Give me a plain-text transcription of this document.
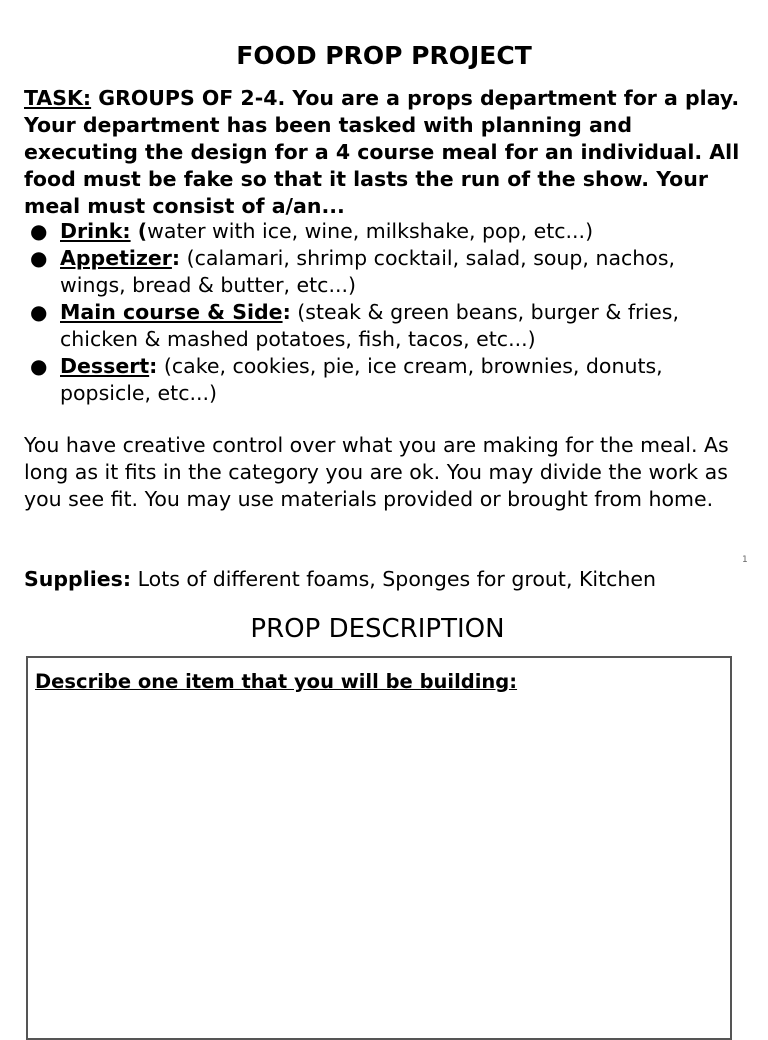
FOOD PROP PROJECT
TASK: GROUPS OF 2-4. You are a props department for a play. Your department has been tasked with planning and executing the design for a 4 course meal for an individual. All food must be fake so that it lasts the run of the show. Your meal must consist of a/an...
● Drink: (water with ice, wine, milkshake, pop, etc...)
● Appetizer: (calamari, shrimp cocktail, salad, soup, nachos, wings, bread & butter, etc...)
● Main course & Side: (steak & green beans, burger & fries, chicken & mashed potatoes, fish, tacos, etc...)
● Dessert: (cake, cookies, pie, ice cream, brownies, donuts, popsicle, etc...)
You have creative control over what you are making for the meal. As long as it fits in the category you are ok. You may divide the work as you see fit. You may use materials provided or brought from home.
1
Supplies: Lots of different foams, Sponges for grout, Kitchen
PROP DESCRIPTION
Describe one item that you will be building:
